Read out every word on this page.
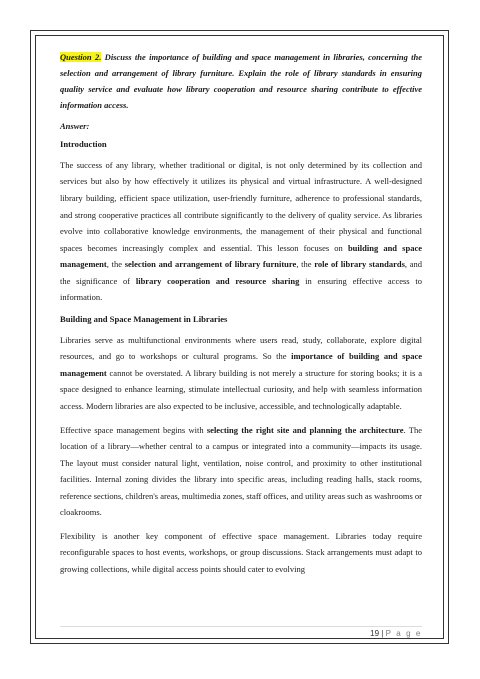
Question 2. Discuss the importance of building and space management in libraries, concerning the selection and arrangement of library furniture. Explain the role of library standards in ensuring quality service and evaluate how library cooperation and resource sharing contribute to effective information access.

Answer:
Introduction

The success of any library, whether traditional or digital, is not only determined by its collection and services but also by how effectively it utilizes its physical and virtual infrastructure. A well-designed library building, efficient space utilization, user-friendly furniture, adherence to professional standards, and strong cooperative practices all contribute significantly to the delivery of quality service. As libraries evolve into collaborative knowledge environments, the management of their physical and functional spaces becomes increasingly complex and essential. This lesson focuses on building and space management, the selection and arrangement of library furniture, the role of library standards, and the significance of library cooperation and resource sharing in ensuring effective access to information.

Building and Space Management in Libraries

Libraries serve as multifunctional environments where users read, study, collaborate, explore digital resources, and go to workshops or cultural programs. So the importance of building and space management cannot be overstated. A library building is not merely a structure for storing books; it is a space designed to enhance learning, stimulate intellectual curiosity, and help with seamless information access. Modern libraries are also expected to be inclusive, accessible, and technologically adaptable.

Effective space management begins with selecting the right site and planning the architecture. The location of a library—whether central to a campus or integrated into a community—impacts its usage. The layout must consider natural light, ventilation, noise control, and proximity to other institutional facilities. Internal zoning divides the library into specific areas, including reading halls, stack rooms, reference sections, children's areas, multimedia zones, staff offices, and utility areas such as washrooms or cloakrooms.

Flexibility is another key component of effective space management. Libraries today require reconfigurable spaces to host events, workshops, or group discussions. Stack arrangements must adapt to growing collections, while digital access points should cater to evolving

19 | P a g e
